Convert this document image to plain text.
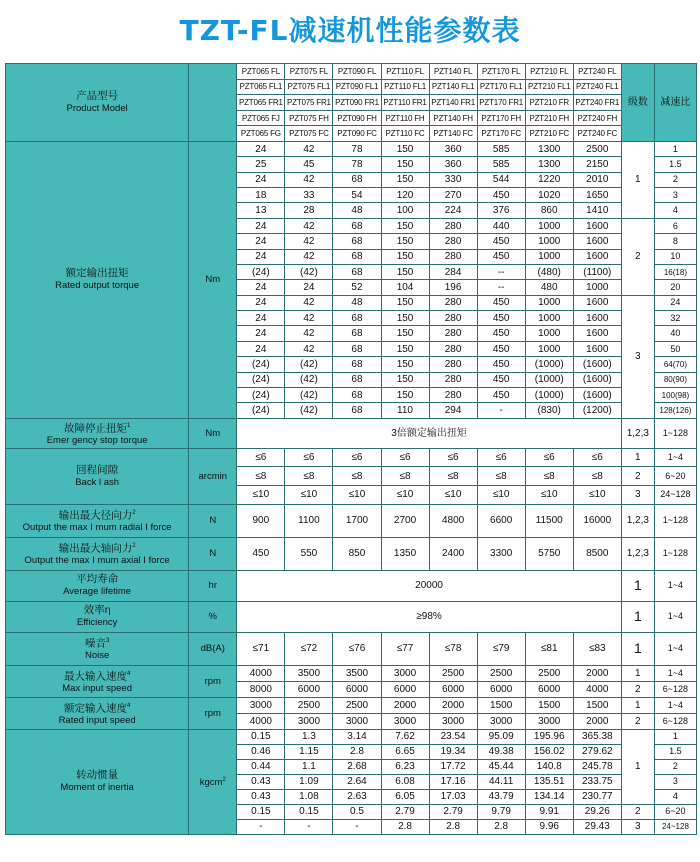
TZT-FL减速机性能参数表
产品型号
Product Model		PZT065 FL	PZT075 FL	PZT090 FL	PZT110 FL	PZT140 FL	PZT170 FL	PZT210 FL	PZT240 FL	级数	减速比
		PZT065 FL1	PZT075 FL1	PZT090 FL1	PZT110 FL1	PZT140 FL1	PZT170 FL1	PZT210 FL1	PZT240 FL1		
		PZT065 FR1	PZT075 FR1	PZT090 FR1	PZT110 FR1	PZT140 FR1	PZT170 FR1	PZT210 FR	PZT240 FR1		
		PZT065 FJ	PZT075 FH	PZT090 FH	PZT110 FH	PZT140 FH	PZT170 FH	PZT210 FH	PZT240 FH		
		PZT065 FG	PZT075 FC	PZT090 FC	PZT110 FC	PZT140 FC	PZT170 FC	PZT210 FC	PZT240 FC		
额定输出扭矩
Rated output torque	Nm	24	42	78	150	360	585	1300	2500	1	1
		25	45	78	150	360	585	1300	2150		1.5
		24	42	68	150	330	544	1220	2010		2
		18	33	54	120	270	450	1020	1650		3
		13	28	48	100	224	376	860	1410		4
		24	42	68	150	280	440	1000	1600	2	6
		24	42	68	150	280	450	1000	1600		8
		24	42	68	150	280	450	1000	1600		10
		(24)	(42)	68	150	284	--	(480)	(1100)		16(18)
		24	24	52	104	196	--	480	1000		20
		24	42	48	150	280	450	1000	1600	3	24
		24	42	68	150	280	450	1000	1600		32
		24	42	68	150	280	450	1000	1600		40
		24	42	68	150	280	450	1000	1600		50
		(24)	(42)	68	150	280	450	(1000)	(1600)		64(70)
		(24)	(42)	68	150	280	450	(1000)	(1600)		80(90)
		(24)	(42)	68	150	280	450	(1000)	(1600)		100(98)
		(24)	(42)	68	110	294	-	(830)	(1200)		128(126)
故障停止扭矩$^1$
Emer gency stop torque	Nm	3倍额定输出扭矩								1,2,3	1~128
回程间隙
Back l ash	arcmin	≤6	≤6	≤6	≤6	≤6	≤6	≤6	≤6	1	1~4
		≤8	≤8	≤8	≤8	≤8	≤8	≤8	≤8	2	6~20
		≤10	≤10	≤10	≤10	≤10	≤10	≤10	≤10	3	24~128
输出最大径向力$^2$
Output the max I mum radial I force	N	900	1100	1700	2700	4800	6600	11500	16000	1,2,3	1~128
输出最大轴向力$^2$
Output the max I mum axial I force	N	450	550	850	1350	2400	3300	5750	8500	1,2,3	1~128
平均寿命
Average lifetime	hr	20000								1	1~4
效率η
Efficiency	%	≥98%								1	1~4
噪音$^3$
Noise	dB(A)	≤71	≤72	≤76	≤77	≤78	≤79	≤81	≤83	1	1~4
最大输入速度$^4$
Max input speed	rpm	4000	3500	3500	3000	2500	2500	2500	2000	1	1~4
		8000	6000	6000	6000	6000	6000	6000	4000	2	6~128
额定输入速度$^4$
Rated input speed	rpm	3000	2500	2500	2000	2000	1500	1500	1500	1	1~4
		4000	3000	3000	3000	3000	3000	3000	2000	2	6~128
转动惯量
Moment of inertia	kgcm$^2$	0.15	1.3	3.14	7.62	23.54	95.09	195.96	365.38	1	1
		0.46	1.15	2.8	6.65	19.34	49.38	156.02	279.62		1.5
		0.44	1.1	2.68	6.23	17.72	45.44	140.8	245.78		2
		0.43	1.09	2.64	6.08	17.16	44.11	135.51	233.75		3
		0.43	1.08	2.63	6.05	17.03	43.79	134.14	230.77		4
		0.15	0.15	0.5	2.79	2.79	9.79	9.91	29.26	2	6~20
		-	-	-	2.8	2.8	2.8	9.96	29.43	3	24~128
www.fruxii.com
